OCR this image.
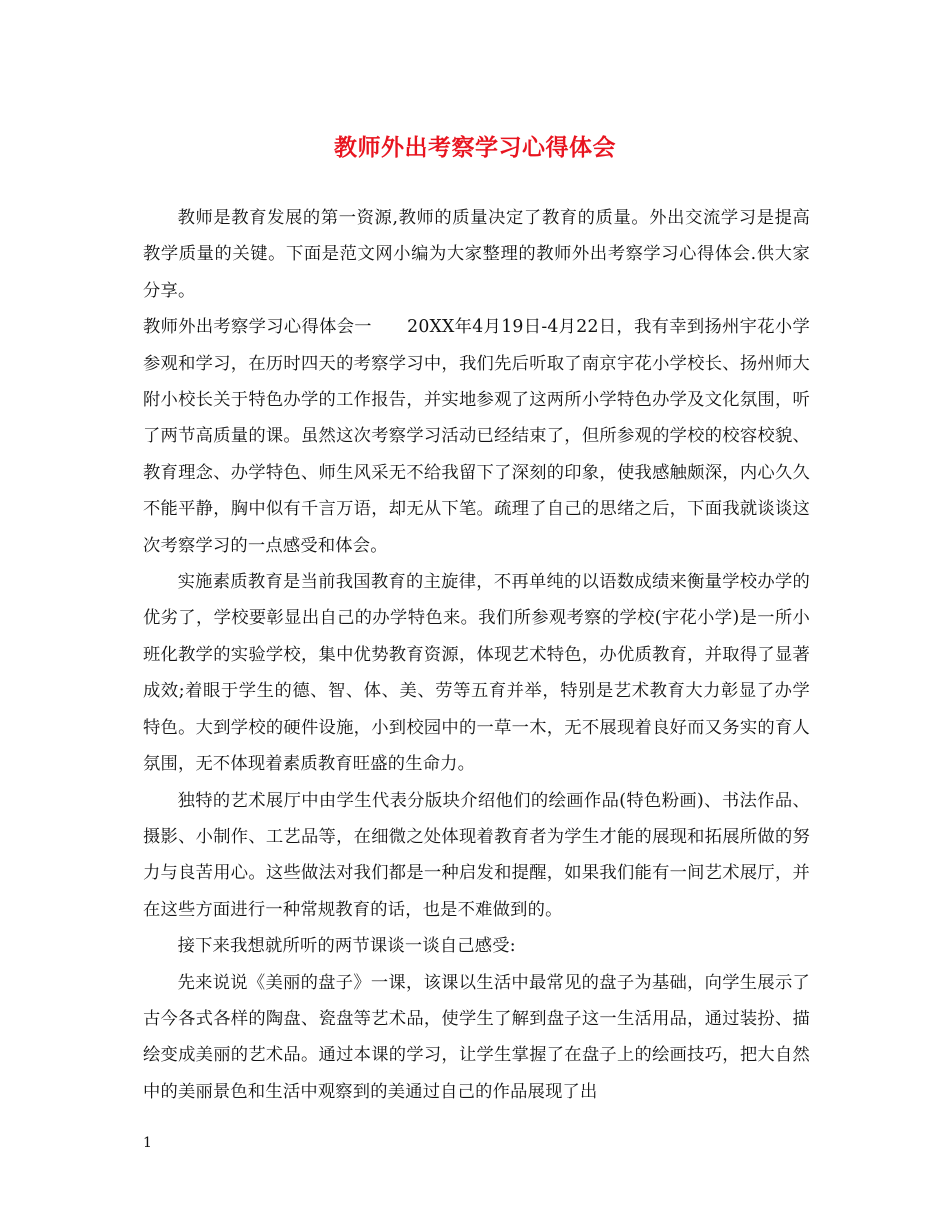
教师外出考察学习心得体会

教师是教育发展的第一资源,教师的质量决定了教育的质量。外出交流学习是提高教学质量的关键。下面是范文网小编为大家整理的教师外出考察学习心得体会.供大家分享。

教师外出考察学习心得体会一　　20XX年4月19日-4月22日，我有幸到扬州宇花小学参观和学习，在历时四天的考察学习中，我们先后听取了南京宇花小学校长、扬州师大附小校长关于特色办学的工作报告，并实地参观了这两所小学特色办学及文化氛围，听了两节高质量的课。虽然这次考察学习活动已经结束了，但所参观的学校的校容校貌、教育理念、办学特色、师生风采无不给我留下了深刻的印象，使我感触颇深，内心久久不能平静，胸中似有千言万语，却无从下笔。疏理了自己的思绪之后，下面我就谈谈这次考察学习的一点感受和体会。

实施素质教育是当前我国教育的主旋律，不再单纯的以语数成绩来衡量学校办学的优劣了，学校要彰显出自己的办学特色来。我们所参观考察的学校(宇花小学)是一所小班化教学的实验学校，集中优势教育资源，体现艺术特色，办优质教育，并取得了显著成效;着眼于学生的德、智、体、美、劳等五育并举，特别是艺术教育大力彰显了办学特色。大到学校的硬件设施，小到校园中的一草一木，无不展现着良好而又务实的育人氛围，无不体现着素质教育旺盛的生命力。

独特的艺术展厅中由学生代表分版块介绍他们的绘画作品(特色粉画)、书法作品、摄影、小制作、工艺品等，在细微之处体现着教育者为学生才能的展现和拓展所做的努力与良苦用心。这些做法对我们都是一种启发和提醒，如果我们能有一间艺术展厅，并在这些方面进行一种常规教育的话，也是不难做到的。

接下来我想就所听的两节课谈一谈自己感受:

先来说说《美丽的盘子》一课，该课以生活中最常见的盘子为基础，向学生展示了古今各式各样的陶盘、瓷盘等艺术品，使学生了解到盘子这一生活用品，通过装扮、描绘变成美丽的艺术品。通过本课的学习，让学生掌握了在盘子上的绘画技巧，把大自然中的美丽景色和生活中观察到的美通过自己的作品展现了出

1
